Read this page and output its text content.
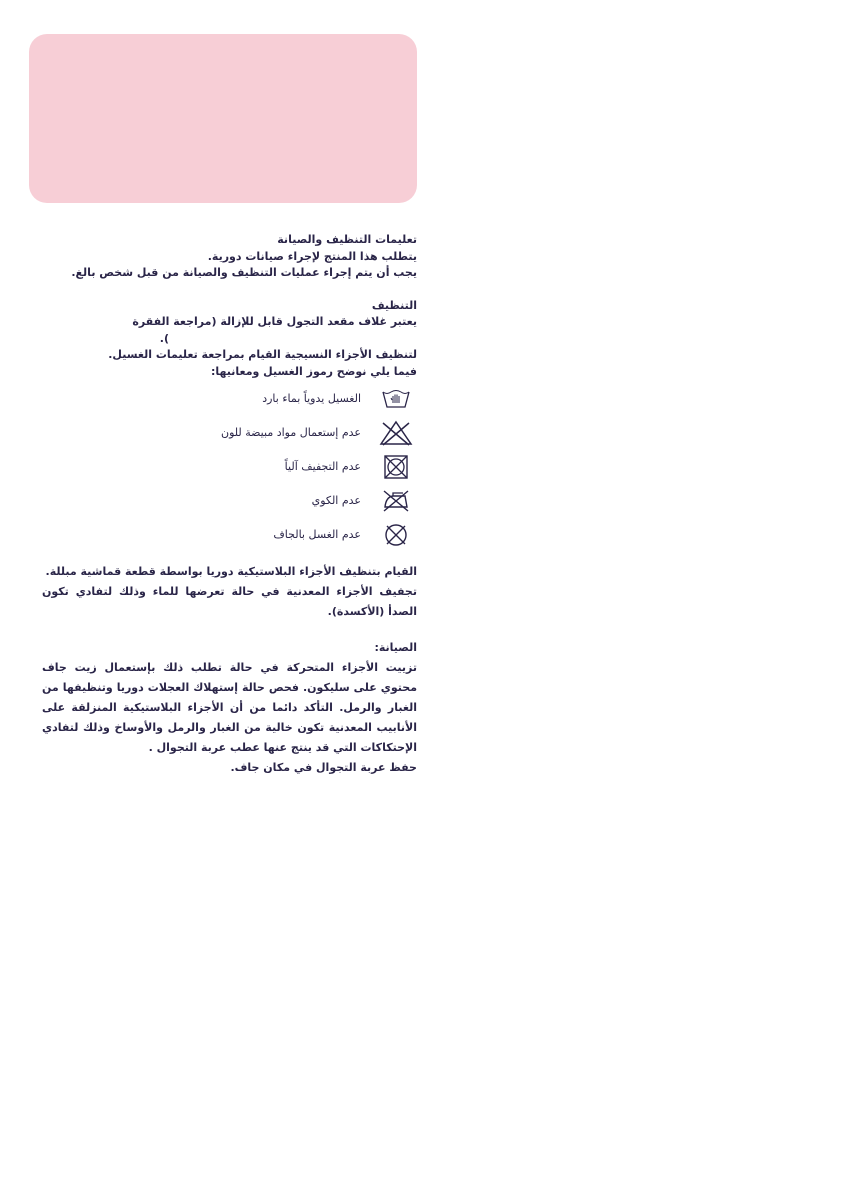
تعليمات التنظيف والصيانة

يتطلب هذا المنتج لإجراء صيانات دورية.

يجب أن يتم إجراء عمليات التنظيف والصيانة من قبل شخص بالغ.

التنظيف

يعتبر غلاف مقعد التجول قابل للإزالة (مراجعة الفقرة

).

لتنظيف الأجزاء النسيجية القيام بمراجعة تعليمات الغسيل.

فيما يلي نوضح رموز الغسيل ومعانيها:

الغسيل يدوياً بماء بارد
عدم إستعمال مواد مبيضة للون
عدم التجفيف آلياً
عدم الكوي
عدم الغسل بالجاف

القيام بتنظيف الأجزاء البلاستيكية دوريا بواسطة قطعة قماشية مبللة.

تجفيف الأجزاء المعدنية في حالة تعرضها للماء وذلك لتفادي تكون الصدأ (الأكسدة).

الصيانة:

تزييت الأجزاء المتحركة في حالة تطلب ذلك بإستعمال زيت جاف محتوي على سليكون. فحص حالة إستهلاك العجلات دوريا وتنظيفها من الغبار والرمل. التأكد دائما من أن الأجزاء البلاستيكية المنزلقة على الأنابيب المعدنية تكون خالية من الغبار والرمل والأوساخ وذلك لتفادي الإحتكاكات التي قد ينتج عنها عطب عربة التجوال .

حفظ عربة التجوال في مكان جاف.
